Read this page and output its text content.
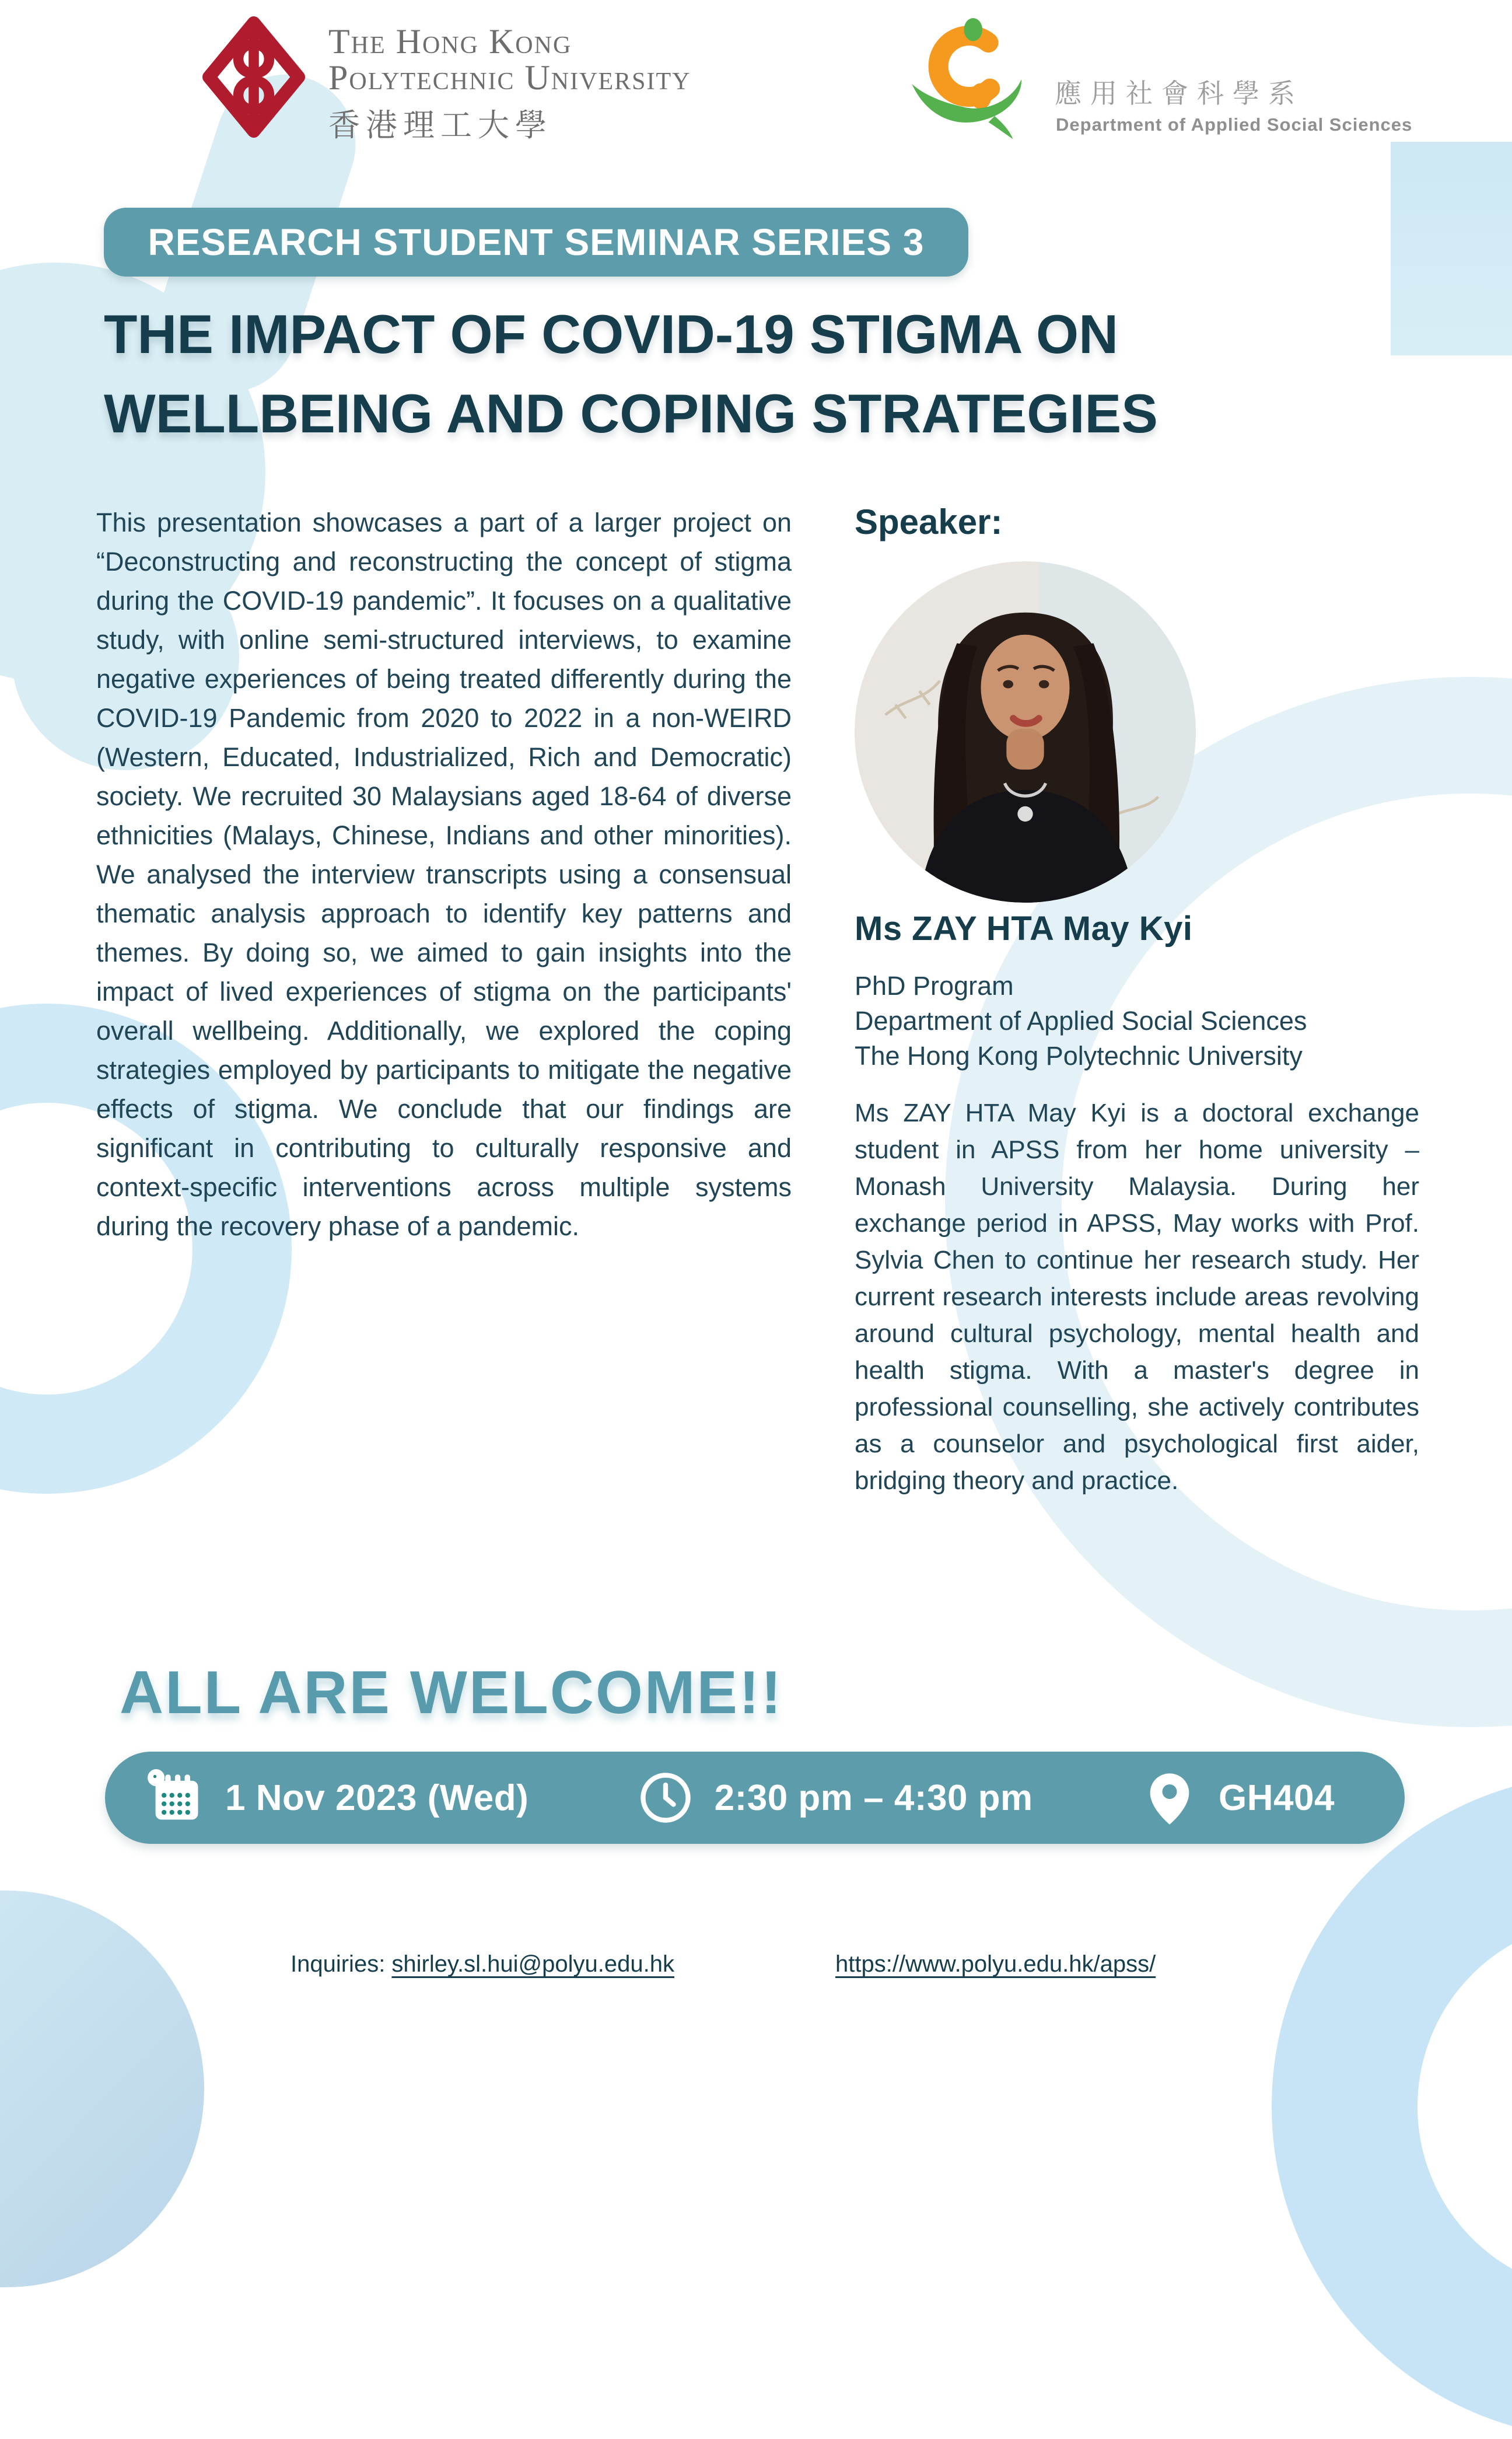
The Hong Kong
Polytechnic University
香港理工大學
應用社會科學系
Department of Applied Social Sciences
RESEARCH STUDENT SEMINAR SERIES 3
THE IMPACT OF COVID-19 STIGMA ON
WELLBEING AND COPING STRATEGIES
This presentation showcases a part of a larger project on “Deconstructing and reconstructing the concept of stigma during the COVID-19 pandemic”. It focuses on a qualitative study, with online semi-structured interviews, to examine negative experiences of being treated differently during the COVID-19 Pandemic from 2020 to 2022 in a non-WEIRD (Western, Educated, Industrialized, Rich and Democratic) society. We recruited 30 Malaysians aged 18-64 of diverse ethnicities (Malays, Chinese, Indians and other minorities). We analysed the interview transcripts using a consensual thematic analysis approach to identify key patterns and themes. By doing so, we aimed to gain insights into the impact of lived experiences of stigma on the participants' overall wellbeing. Additionally, we explored the coping strategies employed by participants to mitigate the negative effects of stigma. We conclude that our findings are significant in contributing to culturally responsive and context-specific interventions across multiple systems during the recovery phase of a pandemic.
Speaker:
Ms ZAY HTA May Kyi
PhD Program
Department of Applied Social Sciences
The Hong Kong Polytechnic University
Ms ZAY HTA May Kyi is a doctoral exchange student in APSS from her home university – Monash University Malaysia. During her exchange period in APSS, May works with Prof. Sylvia Chen to continue her research study. Her current research interests include areas revolving around cultural psychology, mental health and health stigma. With a master's degree in professional counselling, she actively contributes as a counselor and psychological first aider, bridging theory and practice.
ALL ARE WELCOME!!
1 Nov 2023 (Wed)	2:30 pm – 4:30 pm	GH404
Inquiries: shirley.sl.hui@polyu.edu.hk	https://www.polyu.edu.hk/apss/
